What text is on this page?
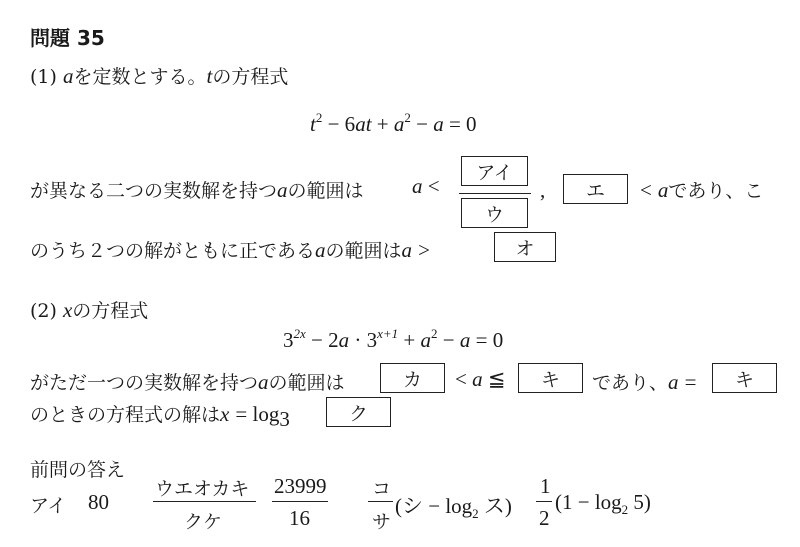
問題 35
(1) aを定数とする。tの方程式
$t^2 - 6at + a^2 - a = 0$
が異なる二つの実数解を持つaの範囲は a <
アイ
ウ
, エ < aであり、こ
のうち２つの解がともに正であるaの範囲はa >	オ
(2) xの方程式
$3^{2x} - 2a \cdot 3^{x+1} + a^2 - a = 0$
がただ一つの実数解を持つaの範囲は	カ < a ≦ キ であり、a = キ
のときの方程式の解は$x = \log_3$	ク
前問の答え
アイ 80
ウエオカキ
クケ
23999
16
コ
サ
(シ − $\log_2$ ス)
1
2
$(1 - \log_2 5)$
